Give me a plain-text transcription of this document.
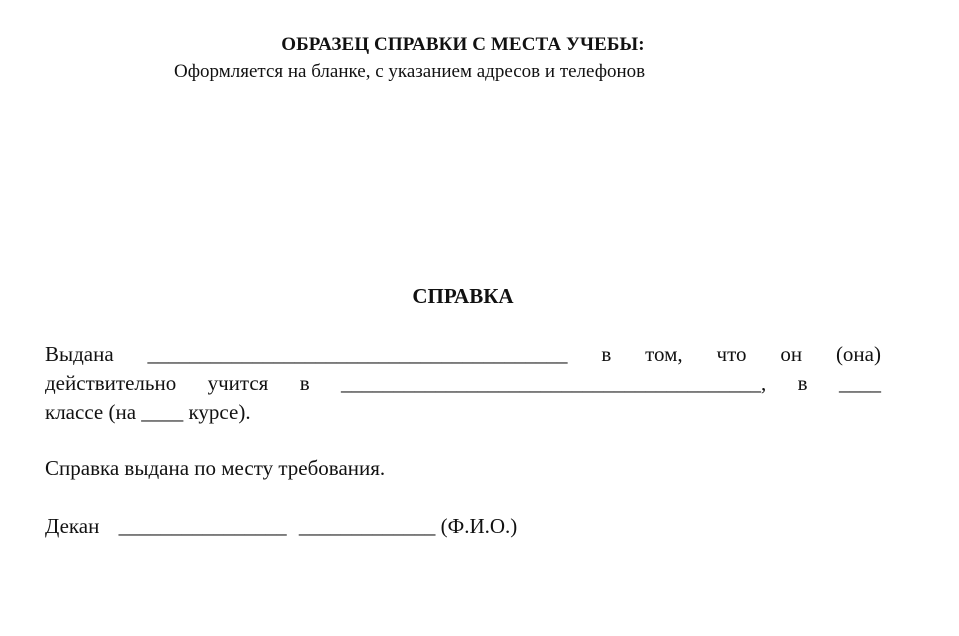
ОБРАЗЕЦ СПРАВКИ С МЕСТА УЧЕБЫ:
Оформляется на бланке, с указанием адресов и телефонов
СПРАВКА
Выдана ________________________________________ в том, что он (она)
действительно учится в ________________________________________, в ____
классе (на ____ курсе).
Справка выдана по месту требования.
Декан ________________ _____________ (Ф.И.О.)
